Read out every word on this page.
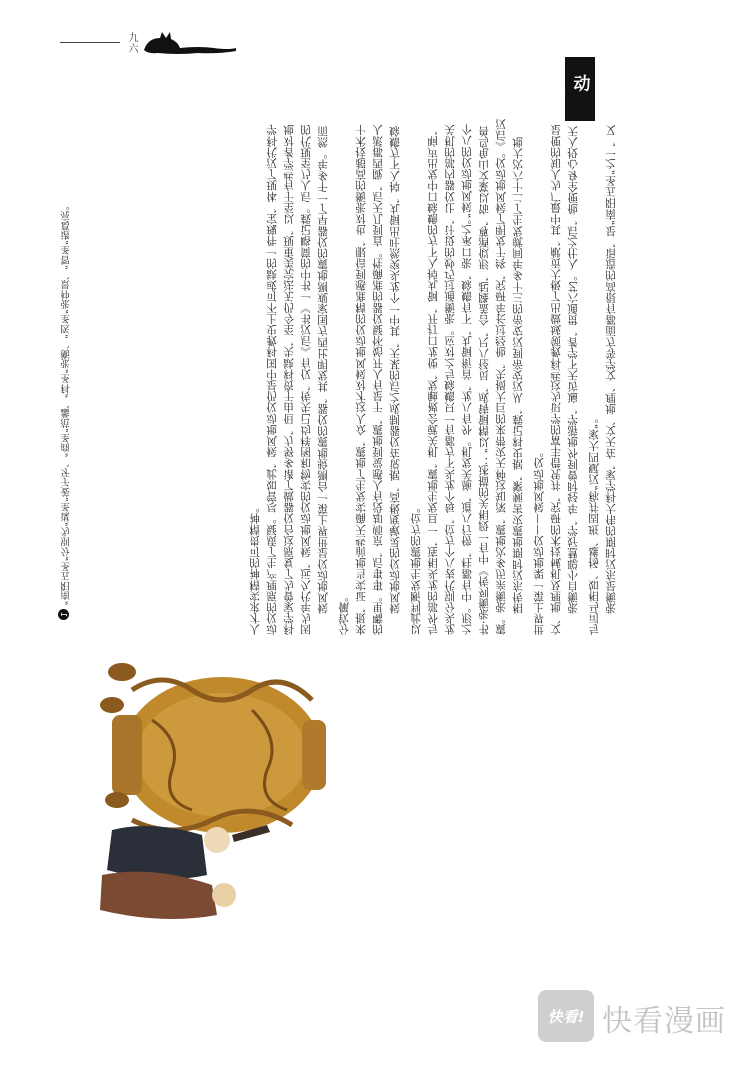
九六
地动仪

张衡是东汉时期的伟大科学家，在天文、地理、文学等方面都有很高的造诣，是“南阳五圣”之一，又与司马相如、扬雄、班固并称“汉赋四大家”。

张衡自小聪慧好学，年轻时曾到外地游学，遍访天下学者，贯通六艺。入仕之后，他便全身心投入天文、地理及机械技术的研究，并凭借丰富的学识为这些科教领域做出了极大贡献，其中最广为人知的便是世界上第一架地动仪——候风地动仪。

相传东汉时期地震灾害频繁，据史料记载，从汉安帝到汉安帝的三十多年间就发生了二十六次大地震。张衡亲历多次地震，深知这种天灾带来的巨大损失，他经过长年研究，终于发明了候风地动仪。《后汉书·张衡列传》中有一段相关的描述：“以精铜铸成，员径八尺，合盖隆起，形似酒尊，饰以篆文山龟鸟兽之形。中有都柱，傍行八道，施关发机。外有八龙，首衔铜丸，下有蟾蜍，张口承之。”候风地动仪的八个龙头分别代表八个方位，每个龙头下方都有一只蟾蜍与之对应。张衡通过巧妙的设计，让仪器内部的机关与外部的龙头相连，一旦发生地震，机关就会被触发，使龙口打开，铜丸掉入下方的蟾蜍口中发出声响，以此判断发生地震的方位。

候风地动仪的灵敏度极高，据说在仪器制成之后的某天，其中一个龙头突然吐出铜丸，掉入下方蟾蜍的嘴里。事事后，京师却没有人感觉到地震，于是有人开始怀疑仪器的准确性。直到几天后，陇西郡派人来报，证实当地前些天确实发生了地震，众人这才对候风地动仪的精准感到信服，也对张衡的高超技术十分钦佩。

候风地动仪是世界上第一台测验地震的仪器，其发明比西方国家观测地震的仪器早了一千多年。然而因为年代久远，候风地动仪的实物和图样均已失传，仅有《后汉书》一书中的简略记载。后人乃至现代的科学家曾为了复原这台仪器做了诸多努力，但由于资料缺失，至今仍无法完美重现，以至于有些学者对地动仪的原理产生了质疑。尽管如此，候风地动仪仍是中国科教史上不可或缺的一件瑰宝，体现了汉代科学人才求实精神的可贵精神。

1 “南阳五圣”分别为“谋圣”姜子牙、“商圣”范蠡、“科圣”张衡、“医圣”张仲景、“智圣”诸葛亮。
快看! 快看漫画
